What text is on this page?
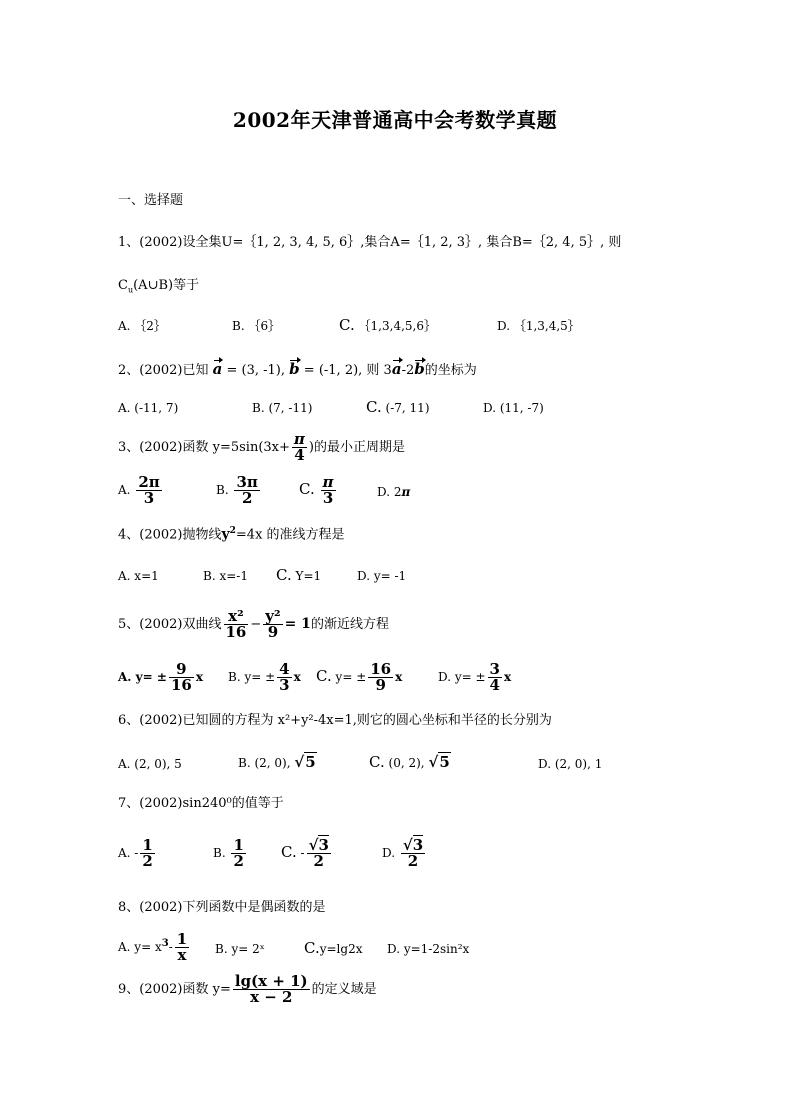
2002年天津普通高中会考数学真题
一、选择题
1、(2002)设全集U=｛1, 2, 3, 4, 5, 6｝,集合A=｛1, 2, 3｝, 集合B=｛2, 4, 5｝, 则
$C_u(A\cup B)$等于
A. ｛2｝	B. ｛6｝	C. ｛1,3,4,5,6｝	D. ｛1,3,4,5｝
2、(2002)已知 a = (3, -1), b = (-1, 2), 则 3a-2b的坐标为
A. (-11, 7)	B. (7, -11)	C. (-7, 11)	D. (11, -7)
3、(2002)函数 $y=5\sin(3x+ \frac{\pi}{4}$ )的最小正周期是
A. $\frac{2\pi}{3}$	B. $\frac{3\pi}{2}$	C. $\frac{\pi}{3}$	D. 2π
4、(2002)抛物线$y^2=4x$ 的准线方程是
A. x=1	B. x=-1 C. Y=1	D. y= -1
5、(2002)双曲线 $\frac{\text{x²}}{16} - \frac{\text{y²}}{9} = 1$的渐近线方程
A. $y= \pm \frac{9}{16}$ x B. $y= \pm \frac{4}{3}$ x C. $y= \pm \frac{16}{9}$ x	D. $y= \pm \frac{3}{4}$ x
6、(2002)已知圆的方程为 x²+y²-4x=1,则它的圆心坐标和半径的长分别为
A. (2, 0), 5	B. (2, 0), √5	C. (0, 2), √5	D. (2, 0), 1
7、(2002)sin240⁰的值等于
A. - $\frac{1}{2}$	B. $\frac{1}{2} C$. - $\frac{√3}{2}$	D. $\frac{√3}{2}$
8、(2002)下列函数中是偶函数的是
A. $y= x^3- \frac{1}{x} B$. y= 2ˣ	C.y=lg2x D. y=1-2sin²x
9、(2002)函数 $y= \frac{\lg(x + 1)}{x - 2}$ 的定义域是
